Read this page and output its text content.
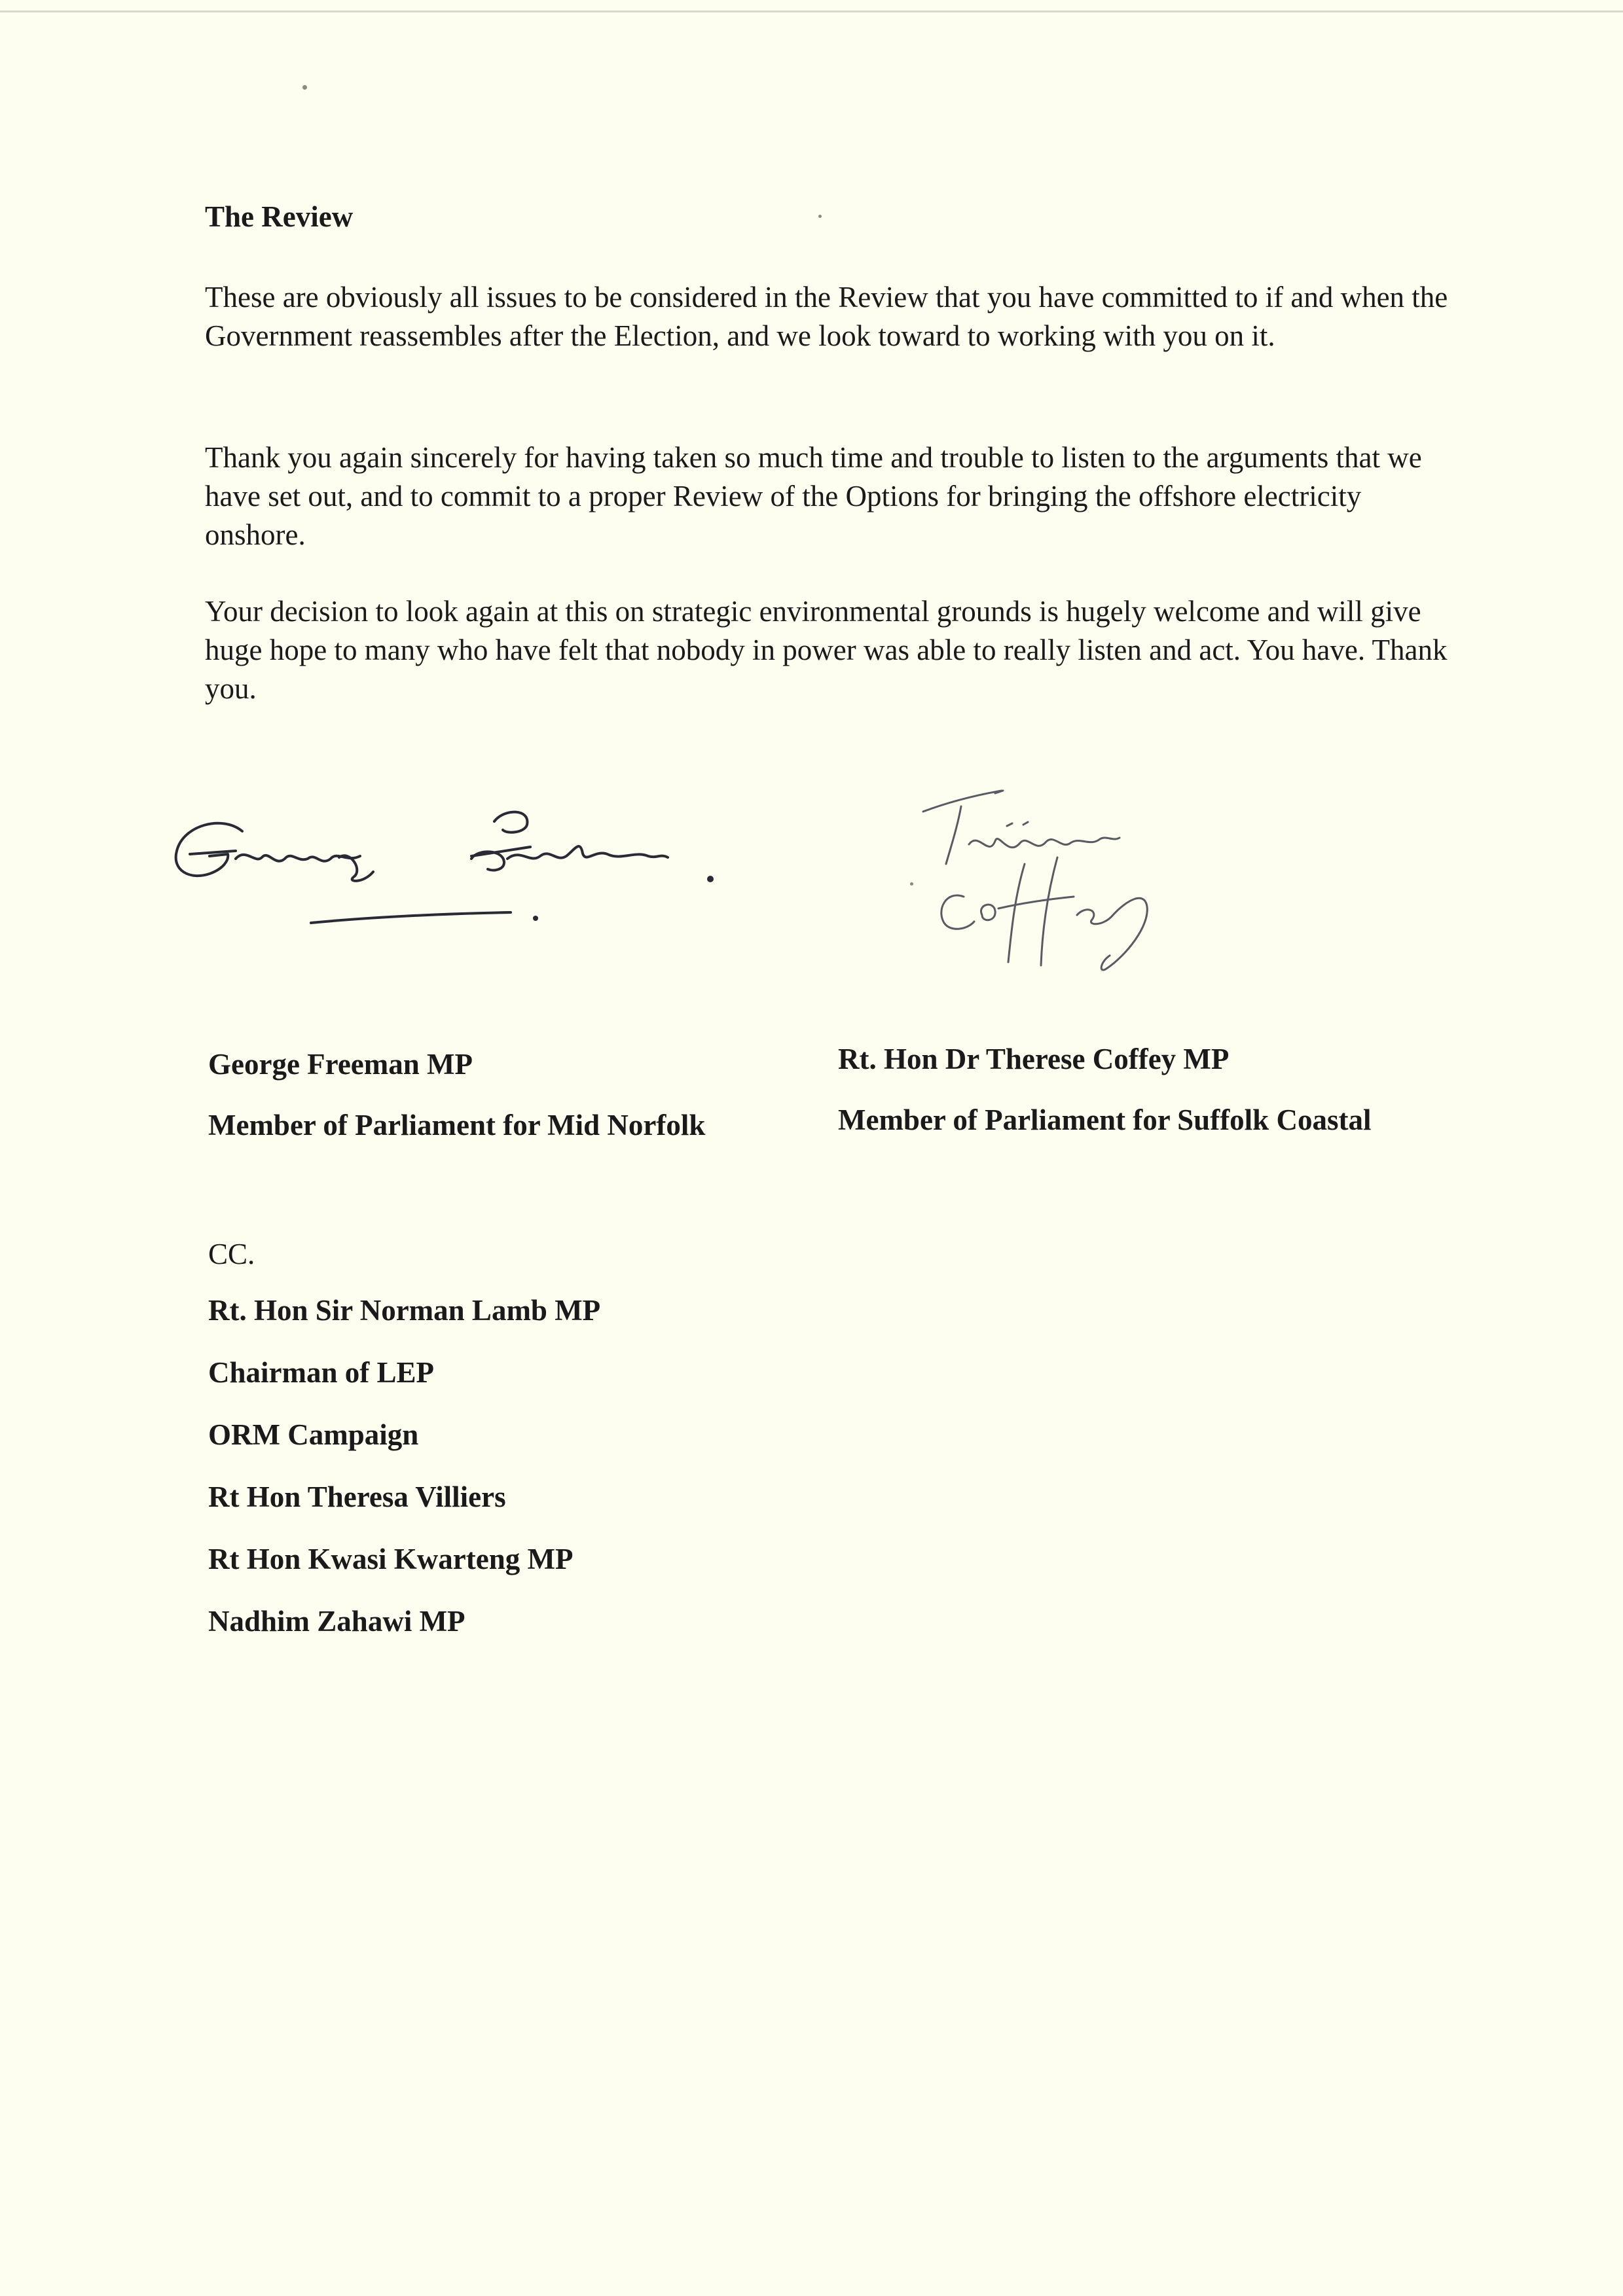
The Review

These are obviously all issues to be considered in the Review that you have committed to if and when the Government reassembles after the Election, and we look toward to working with you on it.

Thank you again sincerely for having taken so much time and trouble to listen to the arguments that we have set out, and to commit to a proper Review of the Options for bringing the offshore electricity onshore.

Your decision to look again at this on strategic environmental grounds is hugely welcome and will give huge hope to many who have felt that nobody in power was able to really listen and act. You have. Thank you.

George Freeman MP

Member of Parliament for Mid Norfolk

Rt. Hon Dr Therese Coffey MP

Member of Parliament for Suffolk Coastal

CC.

Rt. Hon Sir Norman Lamb MP
Chairman of LEP
ORM Campaign
Rt Hon Theresa Villiers
Rt Hon Kwasi Kwarteng MP
Nadhim Zahawi MP
